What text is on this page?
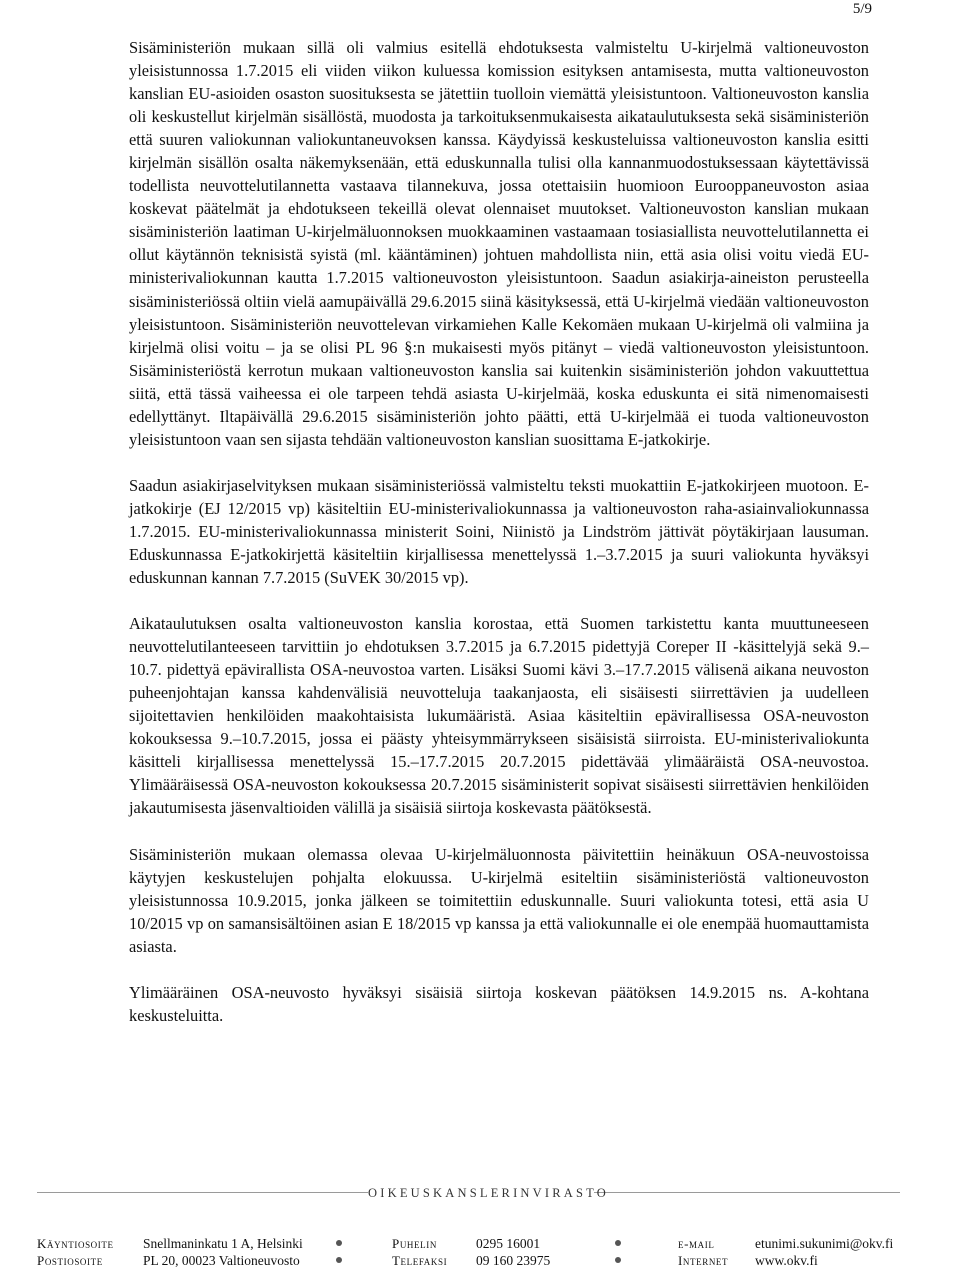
5/9

Sisäministeriön mukaan sillä oli valmius esitellä ehdotuksesta valmisteltu U-kirjelmä valtioneuvoston yleisistunnossa 1.7.2015 eli viiden viikon kuluessa komission esityksen antamisesta, mutta valtioneuvoston kanslian EU-asioiden osaston suosituksesta se jätettiin tuolloin viemättä yleisistuntoon. Valtioneuvoston kanslia oli keskustellut kirjelmän sisällöstä, muodosta ja tarkoituksenmukaisesta aikataulutuksesta sekä sisäministeriön että suuren valiokunnan valiokuntaneuvoksen kanssa. Käydyissä keskusteluissa valtioneuvoston kanslia esitti kirjelmän sisällön osalta näkemyksenään, että eduskunnalla tulisi olla kannanmuodostuksessaan käytettävissä todellista neuvottelutilannetta vastaava tilannekuva, jossa otettaisiin huomioon Eurooppaneuvoston asiaa koskevat päätelmät ja ehdotukseen tekeillä olevat olennaiset muutokset. Valtioneuvoston kanslian mukaan sisäministeriön laatiman U-kirjelmäluonnoksen muokkaaminen vastaamaan tosiasiallista neuvottelutilannetta ei ollut käytännön teknisistä syistä (ml. kääntäminen) johtuen mahdollista niin, että asia olisi voitu viedä EU-ministerivaliokunnan kautta 1.7.2015 valtioneuvoston yleisistuntoon. Saadun asiakirja-aineiston perusteella sisäministeriössä oltiin vielä aamupäivällä 29.6.2015 siinä käsityksessä, että U-kirjelmä viedään valtioneuvoston yleisistuntoon. Sisäministeriön neuvottelevan virkamiehen Kalle Kekomäen mukaan U-kirjelmä oli valmiina ja kirjelmä olisi voitu – ja se olisi PL 96 §:n mukaisesti myös pitänyt – viedä valtioneuvoston yleisistuntoon. Sisäministeriöstä kerrotun mukaan valtioneuvoston kanslia sai kuitenkin sisäministeriön johdon vakuuttettua siitä, että tässä vaiheessa ei ole tarpeen tehdä asiasta U-kirjelmää, koska eduskunta ei sitä nimenomaisesti edellyttänyt. Iltapäivällä 29.6.2015 sisäministeriön johto päätti, että U-kirjelmää ei tuoda valtioneuvoston yleisistuntoon vaan sen sijasta tehdään valtioneuvoston kanslian suosittama E-jatkokirje.

Saadun asiakirjaselvityksen mukaan sisäministeriössä valmisteltu teksti muokattiin E-jatkokirjeen muotoon. E-jatkokirje (EJ 12/2015 vp) käsiteltiin EU-ministerivaliokunnassa ja valtioneuvoston raha-asiainvaliokunnassa 1.7.2015. EU-ministerivaliokunnassa ministerit Soini, Niinistö ja Lindström jättivät pöytäkirjaan lausuman. Eduskunnassa E-jatkokirjettä käsiteltiin kirjallisessa menettelyssä 1.–3.7.2015 ja suuri valiokunta hyväksyi eduskunnan kannan 7.7.2015 (SuVEK 30/2015 vp).

Aikataulutuksen osalta valtioneuvoston kanslia korostaa, että Suomen tarkistettu kanta muuttuneeseen neuvottelutilanteeseen tarvittiin jo ehdotuksen 3.7.2015 ja 6.7.2015 pidettyjä Coreper II -käsittelyjä sekä 9.–10.7. pidettyä epävirallista OSA-neuvostoa varten. Lisäksi Suomi kävi 3.–17.7.2015 välisenä aikana neuvoston puheenjohtajan kanssa kahdenvälisiä neuvotteluja taakanjaosta, eli sisäisesti siirrettävien ja uudelleen sijoitettavien henkilöiden maakohtaisista lukumääristä. Asiaa käsiteltiin epävirallisessa OSA-neuvoston kokouksessa 9.–10.7.2015, jossa ei päästy yhteisymmärrykseen sisäisistä siirroista. EU-ministerivaliokunta käsitteli kirjallisessa menettelyssä 15.–17.7.2015 20.7.2015 pidettävää ylimääräistä OSA-neuvostoa. Ylimääräisessä OSA-neuvoston kokouksessa 20.7.2015 sisäministerit sopivat sisäisesti siirrettävien henkilöiden jakautumisesta jäsenvaltioiden välillä ja sisäisiä siirtoja koskevasta päätöksestä.

Sisäministeriön mukaan olemassa olevaa U-kirjelmäluonnosta päivitettiin heinäkuun OSA-neuvostoissa käytyjen keskustelujen pohjalta elokuussa. U-kirjelmä esiteltiin sisäministeriöstä valtioneuvoston yleisistunnossa 10.9.2015, jonka jälkeen se toimitettiin eduskunnalle. Suuri valiokunta totesi, että asia U 10/2015 vp on samansisältöinen asian E 18/2015 vp kanssa ja että valiokunnalle ei ole enempää huomauttamista asiasta.

Ylimääräinen OSA-neuvosto hyväksyi sisäisiä siirtoja koskevan päätöksen 14.9.2015 ns. A-kohtana keskusteluitta.

OIKEUSKANSLERINVIRASTO
Käyntiosoite Snellmaninkatu 1 A, Helsinki	Puhelin	0295 16001	e-mail	etunimi.sukunimi@okv.fi
Postiosoite	PL 20, 00023 Valtioneuvosto	Telefaksi 09 160 23975	Internet www.okv.fi
